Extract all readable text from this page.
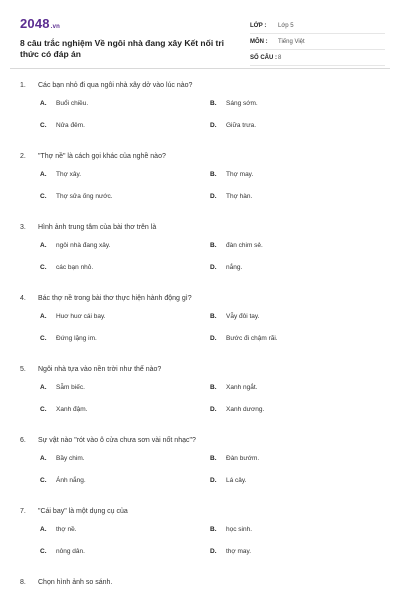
2048.vn
8 câu trắc nghiệm Về ngôi nhà đang xây Kết nối tri thức có đáp án
LỚP :	Lớp 5
MÔN :	Tiếng Việt
SỐ CÂU : 8
1. Các bạn nhỏ đi qua ngôi nhà xây dở vào lúc nào?
A. Buổi chiều.	B. Sáng sớm.
C. Nửa đêm.	D. Giữa trưa.
2. "Thợ nề" là cách gọi khác của nghề nào?
A. Thợ xây.	B. Thợ may.
C. Thợ sửa ống nước.	D. Thợ hàn.
3. Hình ảnh trung tâm của bài thơ trên là
A. ngôi nhà đang xây.	B. đàn chim sẻ.
C. các bạn nhỏ.	D. nắng.
4. Bác thợ nề trong bài thơ thực hiện hành động gì?
A. Huơ huơ cái bay.	B. Vẫy đôi tay.
C. Đứng lặng im.	D. Bước đi chậm rãi.
5. Ngôi nhà tựa vào nền trời như thế nào?
A. Sẫm biếc.	B. Xanh ngắt.
C. Xanh đậm.	D. Xanh dương.
6. Sự vật nào "rót vào ô cửa chưa sơn vài nốt nhạc"?
A. Bầy chim.	B. Đàn bướm.
C. Ánh nắng.	D. Lá cây.
7. "Cái bay" là một dụng cụ của
A. thợ nề.	B. học sinh.
C. nông dân.	D. thợ may.
8. Chọn hình ảnh so sánh.
